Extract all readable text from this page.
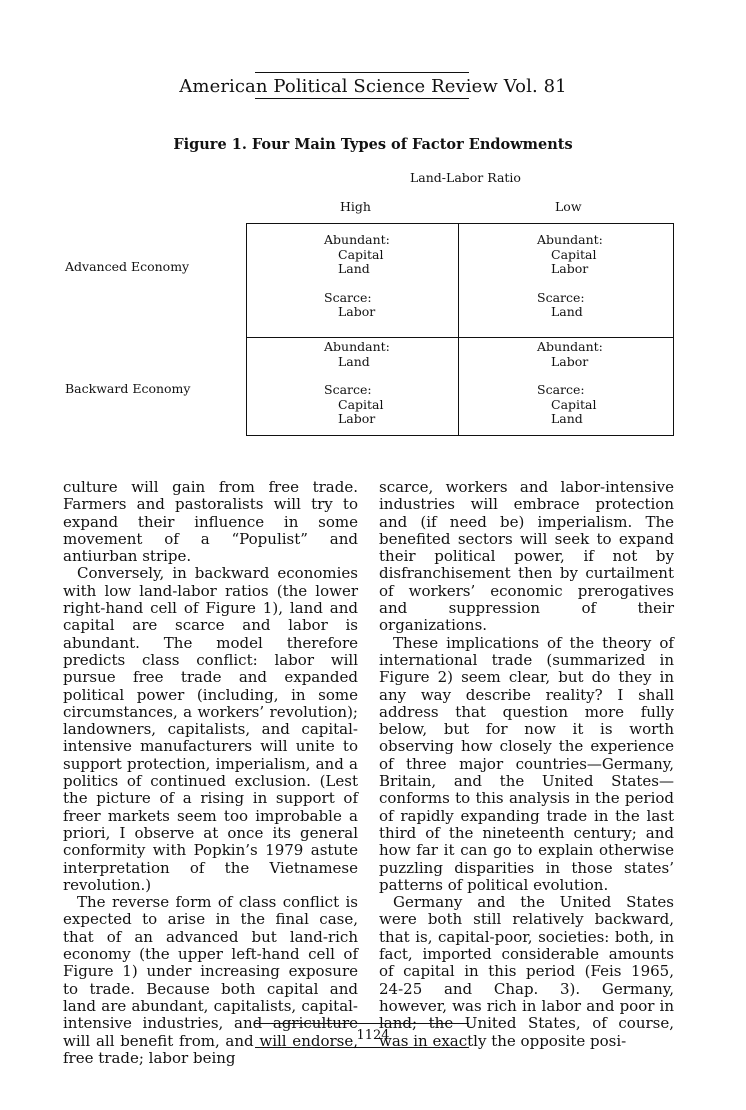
American Political Science Review Vol. 81
Figure 1. Four Main Types of Factor Endowments
Land-Labor Ratio
High	Low
Advanced Economy
Backward Economy
Abundant:
Capital
Land
Scarce:
Labor
Abundant:
Capital
Labor
Scarce:
Land
Abundant:
Land
Scarce:
Capital
Labor
Abundant:
Labor
Scarce:
Capital
Land

culture will gain from free trade. Farmers and pastoralists will try to expand their influence in some movement of a “Populist” and antiurban stripe.

Conversely, in backward economies with low land-labor ratios (the lower right-hand cell of Figure 1), land and capital are scarce and labor is abundant. The model therefore predicts class conflict: labor will pursue free trade and expanded political power (including, in some circumstances, a workers’ revolution); landowners, capitalists, and capital-intensive manufacturers will unite to support protection, imperialism, and a politics of continued exclusion. (Lest the picture of a rising in support of freer markets seem too improbable a priori, I observe at once its general conformity with Popkin’s 1979 astute interpretation of the Vietnamese revolution.)

The reverse form of class conflict is expected to arise in the final case, that of an advanced but land-rich economy (the upper left-hand cell of Figure 1) under increasing exposure to trade. Because both capital and land are abundant, capitalists, capital-intensive industries, and agriculture will all benefit from, and will endorse, free trade; labor being

scarce, workers and labor-intensive industries will embrace protection and (if need be) imperialism. The benefited sectors will seek to expand their political power, if not by disfranchisement then by curtailment of workers’ economic prerogatives and suppression of their organizations.

These implications of the theory of international trade (summarized in Figure 2) seem clear, but do they in any way describe reality? I shall address that question more fully below, but for now it is worth observing how closely the experience of three major countries—Germany, Britain, and the United States—conforms to this analysis in the period of rapidly expanding trade in the last third of the nineteenth century; and how far it can go to explain otherwise puzzling disparities in those states’ patterns of political evolution.

Germany and the United States were both still relatively backward, that is, capital-poor, societies: both, in fact, imported considerable amounts of capital in this period (Feis 1965, 24-25 and Chap. 3). Germany, however, was rich in labor and poor in land; the United States, of course, was in exactly the opposite posi-

1124
